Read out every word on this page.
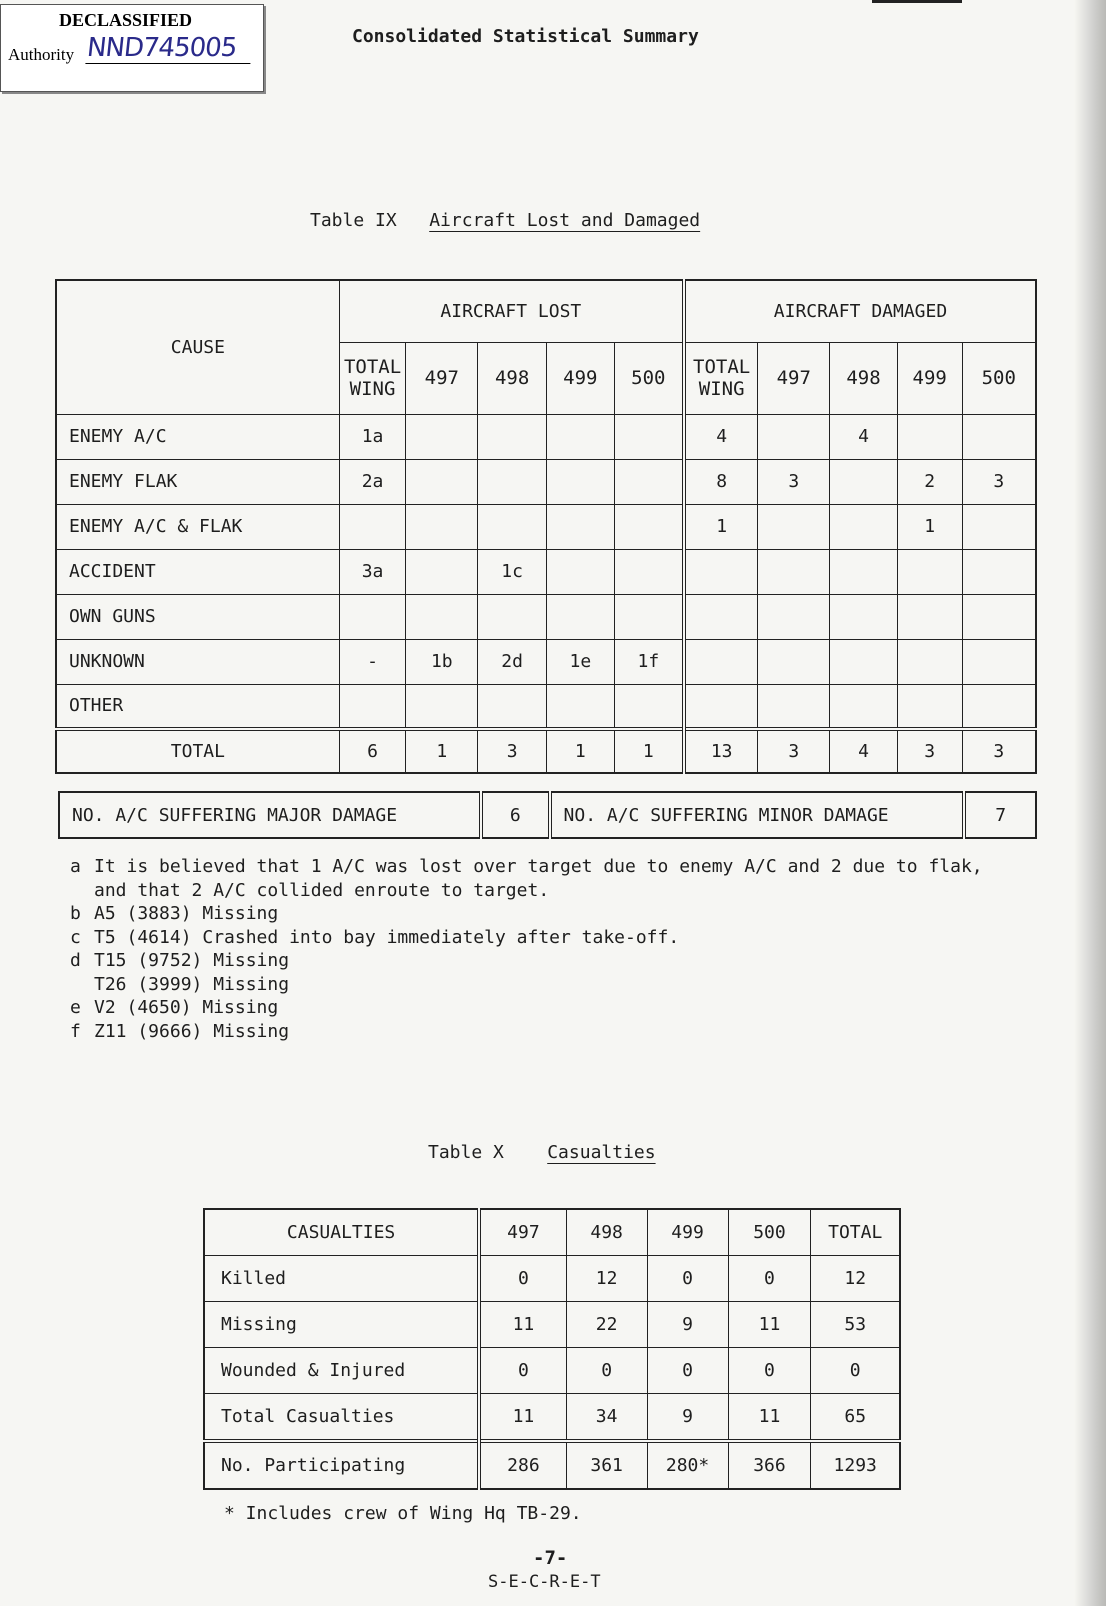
DECLASSIFIED
Authority NND745005	Consolidated Statistical Summary
Table IX Aircraft Lost and Damaged
CAUSE	AIRCRAFT LOST					AIRCRAFT DAMAGED				
	TOTAL WING	497	498	499	500	TOTAL WING	497	498	499	500
ENEMY A/C	1a					4		4		
ENEMY FLAK	2a					8	3		2	3
ENEMY A/C & FLAK						1			1	
ACCIDENT	3a		1c							
OWN GUNS										
UNKNOWN	-	1b	2d	1e	1f					
OTHER										
TOTAL	6	1	3	1	1	13	3	4	3	3
NO. A/C SUFFERING MAJOR DAMAGE	6	NO. A/C SUFFERING MINOR DAMAGE	7
a It is believed that 1 A/C was lost over target due to enemy A/C and 2 due to flak,
and that 2 A/C collided enroute to target.
b A5 (3883) Missing
c T5 (4614) Crashed into bay immediately after take-off.
d T15 (9752) Missing
T26 (3999) Missing
e V2 (4650) Missing
f Z11 (9666) Missing
Table X Casualties
CASUALTIES	497	498	499	500	TOTAL
Killed	0	12	0	0	12
Missing	11	22	9	11	53
Wounded & Injured	0	0	0	0	0
Total Casualties	11	34	9	11	65
No. Participating	286	361	280*	366	1293
* Includes crew of Wing Hq TB-29.
-7-
S-E-C-R-E-T
